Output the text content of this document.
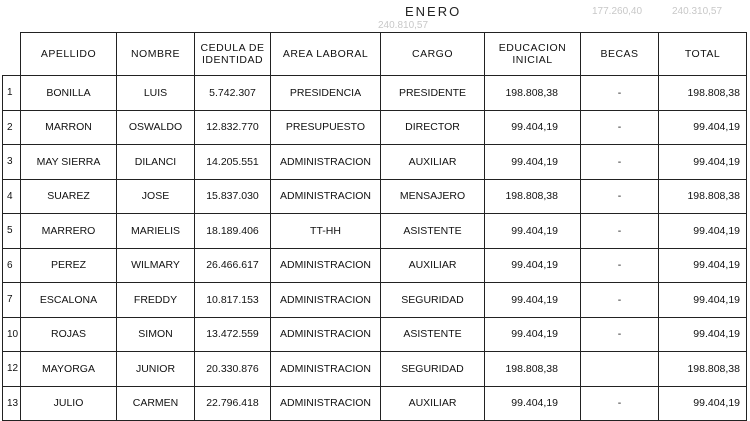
ENERO
240.810,57
177.260,40	240.310,57
	APELLIDO	NOMBRE	CEDULA DE IDENTIDAD	AREA LABORAL	CARGO	EDUCACION INICIAL	BECAS	TOTAL
1	BONILLA	LUIS	5.742.307	PRESIDENCIA	PRESIDENTE	198.808,38	-	198.808,38
2	MARRON	OSWALDO	12.832.770	PRESUPUESTO	DIRECTOR	99.404,19	-	99.404,19
3	MAY SIERRA	DILANCI	14.205.551	ADMINISTRACION	AUXILIAR	99.404,19	-	99.404,19
4	SUAREZ	JOSE	15.837.030	ADMINISTRACION	MENSAJERO	198.808,38	-	198.808,38
5	MARRERO	MARIELIS	18.189.406	TT-HH	ASISTENTE	99.404,19	-	99.404,19
6	PEREZ	WILMARY	26.466.617	ADMINISTRACION	AUXILIAR	99.404,19	-	99.404,19
7	ESCALONA	FREDDY	10.817.153	ADMINISTRACION	SEGURIDAD	99.404,19	-	99.404,19
10	ROJAS	SIMON	13.472.559	ADMINISTRACION	ASISTENTE	99.404,19	-	99.404,19
12	MAYORGA	JUNIOR	20.330.876	ADMINISTRACION	SEGURIDAD	198.808,38		198.808,38
13	JULIO	CARMEN	22.796.418	ADMINISTRACION	AUXILIAR	99.404,19	-	99.404,19
